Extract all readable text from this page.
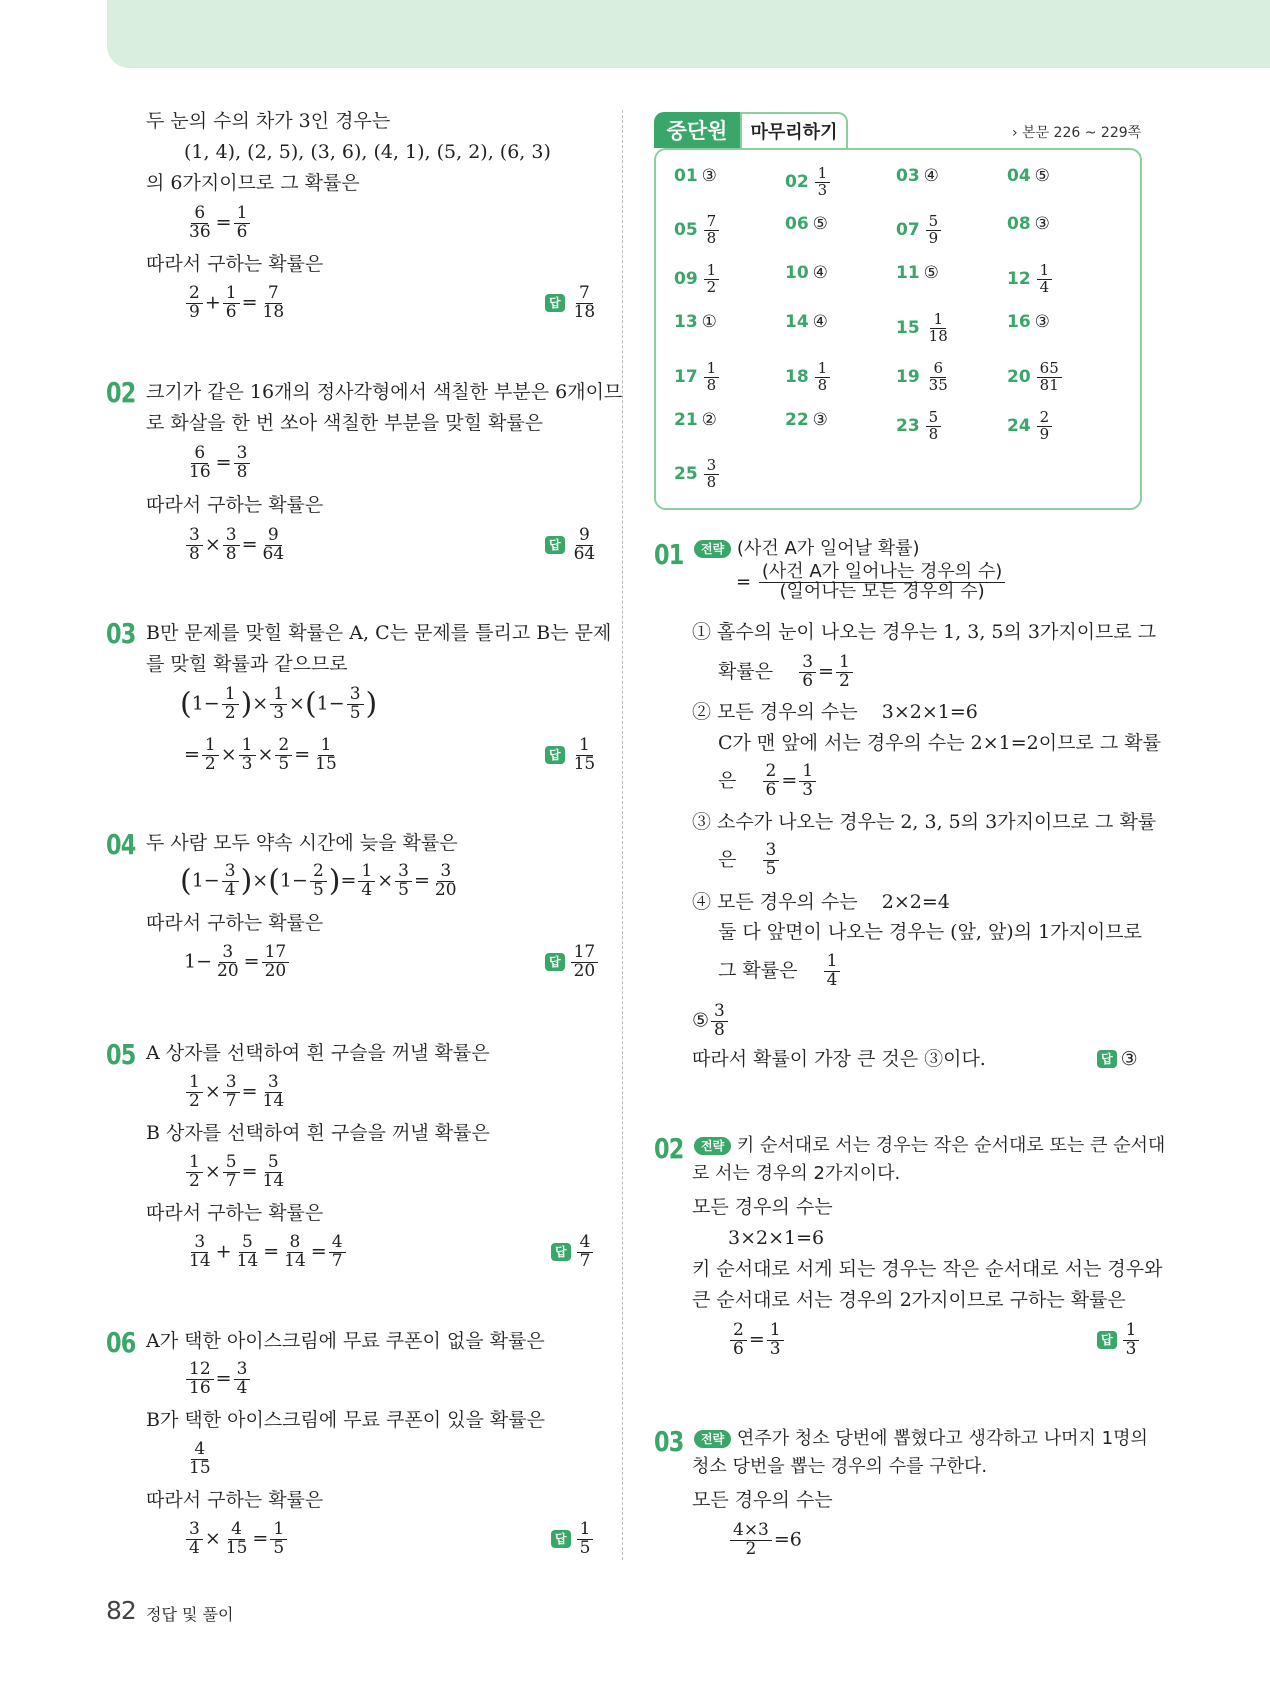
두 눈의 수의 차가 3인 경우는
(1, 4), (2, 5), (3, 6), (4, 1), (5, 2), (6, 3)
의 6가지이므로 그 확률은
$\frac{6}{36} = \frac{1}{6}$
따라서 구하는 확률은
$\frac{2}{9} + \frac{1}{6} = \frac{7}{18}$	답 $\frac{7}{18}$
02 크기가 같은 16개의 정사각형에서 색칠한 부분은 6개이므
로 화살을 한 번 쏘아 색칠한 부분을 맞힐 확률은
$\frac{6}{16} = \frac{3}{8}$
따라서 구하는 확률은
$\frac{3}{8} \times \frac{3}{8} = \frac{9}{64}$	답 $\frac{9}{64}$
03 B만 문제를 맞힐 확률은 A, C는 문제를 틀리고 B는 문제
를 맞힐 확률과 같으므로
($1- \frac{1}{2}$ )× $\frac{1}{3} \times(1- \frac{3}{5}$ )
= $\frac{1}{2} \times \frac{1}{3} \times \frac{2}{5} = \frac{1}{15}$	답 $\frac{1}{15}$
04 두 사람 모두 약속 시간에 늦을 확률은
$(1- \frac{3}{4} )\times(1- \frac{2}{5}$ )= $\frac{1}{4} \times \frac{3}{5} = \frac{3}{20}$
따라서 구하는 확률은
$1- \frac{3}{20} = \frac{17}{20}$	답 $\frac{17}{20}$
05 A 상자를 선택하여 흰 구슬을 꺼낼 확률은
$\frac{1}{2} \times \frac{3}{7} = \frac{3}{14}$
B 상자를 선택하여 흰 구슬을 꺼낼 확률은
$\frac{1}{2} \times \frac{5}{7} = \frac{5}{14}$
따라서 구하는 확률은
$\frac{3}{14} + \frac{5}{14} = \frac{8}{14} = \frac{4}{7}$	답 $\frac{4}{7}$
06 A가 택한 아이스크림에 무료 쿠폰이 없을 확률은
$\frac{12}{16} = \frac{3}{4}$
B가 택한 아이스크림에 무료 쿠폰이 있을 확률은
$\frac{4}{15}$
따라서 구하는 확률은
$\frac{3}{4} \times \frac{4}{15} = \frac{1}{5}$	답 $\frac{1}{5}$
중단원	마무리하기	› 본문 226 ~ 229쪽
01 ③	$02 \frac{1}{3}$	03 ④	04 ⑤
$05 \frac{7}{8}$	06 ⑤	$07 \frac{5}{9}$	08 ③
$09 \frac{1}{2}$	10 ④	11 ⑤	$12 \frac{1}{4}$
13 ①	14 ④	$15 \frac{1}{18}$	16 ③
$17 \frac{1}{8}$	$18 \frac{1}{8}$	$19 \frac{6}{35}$	$20 \frac{65}{81}$
21 ②	22 ③	$23 \frac{5}{8}$	$24 \frac{2}{9}$
$25 \frac{3}{8}$
01	전략 (사건 A가 일어날 확률)
= $\frac{\text{(사건 A가 일어나는 경우의 수)}}{\text{(일어나는 모든 경우의 수)}}$
① 홀수의 눈이 나오는 경우는 1, 3, 5의 3가지이므로 그
확률은 $\frac{3}{6} = \frac{1}{2}$
② 모든 경우의 수는 3×2×1=6
C가 맨 앞에 서는 경우의 수는 2×1=2이므로 그 확률
은 $\frac{2}{6} = \frac{1}{3}$
③ 소수가 나오는 경우는 2, 3, 5의 3가지이므로 그 확률
은 $\frac{3}{5}$
④ 모든 경우의 수는 2×2=4
둘 다 앞면이 나오는 경우는 (앞, 앞)의 1가지이므로
그 확률은 $\frac{1}{4}$
⑤ $\frac{3}{8}$
따라서 확률이 가장 큰 것은 ③이다.	답 ③
02	전략 키 순서대로 서는 경우는 작은 순서대로 또는 큰 순서대
로 서는 경우의 2가지이다.
모든 경우의 수는
3×2×1=6
키 순서대로 서게 되는 경우는 작은 순서대로 서는 경우와
큰 순서대로 서는 경우의 2가지이므로 구하는 확률은
$\frac{2}{6} = \frac{1}{3}$	답 $\frac{1}{3}$
03	전략 연주가 청소 당번에 뽑혔다고 생각하고 나머지 1명의
청소 당번을 뽑는 경우의 수를 구한다.
모든 경우의 수는
$\frac{4\times 3}{2} =6$
82 정답 및 풀이
